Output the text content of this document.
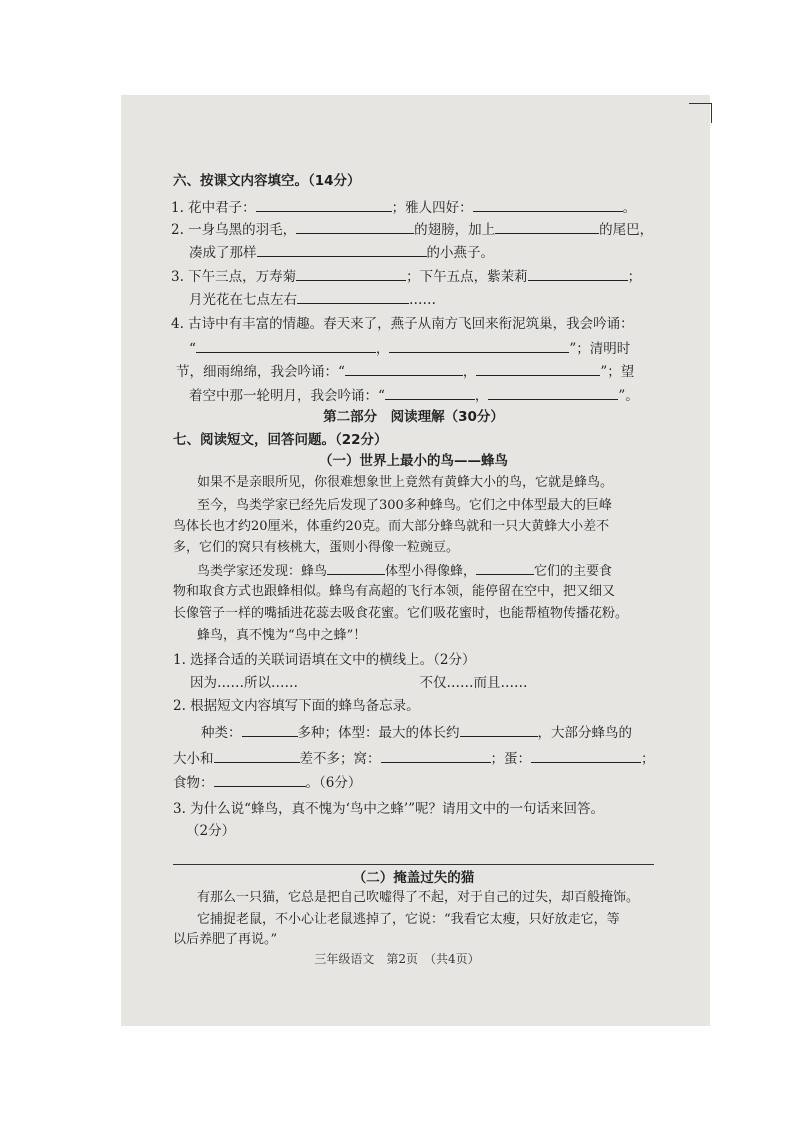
六、按课文内容填空。（14分）
1. 花中君子：	；雅人四好：	。
2. 一身乌黑的羽毛，	的翅膀，加上	的尾巴，
凑成了那样	的小燕子。
3. 下午三点，万寿菊	；下午五点，紫茉莉	；
月光花在七点左右	……
4. 古诗中有丰富的情趣。春天来了，燕子从南方飞回来衔泥筑巢，我会吟诵：
“	，	”；清明时
节，细雨绵绵，我会吟诵：“	，	”；望
着空中那一轮明月，我会吟诵：“	，	”。
第二部分　阅读理解（30分）
七、阅读短文，回答问题。（22分）
（一）世界上最小的鸟——蜂鸟
如果不是亲眼所见，你很难想象世上竟然有黄蜂大小的鸟，它就是蜂鸟。
至今，鸟类学家已经先后发现了300多种蜂鸟。它们之中体型最大的巨峰
鸟体长也才约20厘米，体重约20克。而大部分蜂鸟就和一只大黄蜂大小差不
多，它们的窝只有核桃大，蛋则小得像一粒豌豆。
鸟类学家还发现：蜂鸟	体型小得像蜂，	它们的主要食
物和取食方式也跟蜂相似。蜂鸟有高超的飞行本领，能停留在空中，把又细又
长像管子一样的嘴插进花蕊去吸食花蜜。它们吸花蜜时，也能帮植物传播花粉。
蜂鸟，真不愧为“鸟中之蜂”！
1. 选择合适的关联词语填在文中的横线上。（2分）
因为……所以……　　　　　　　　　不仅……而且……
2. 根据短文内容填写下面的蜂鸟备忘录。
种类：	多种；体型：最大的体长约	，大部分蜂鸟的
大小和	差不多；窝：	；蛋：	；
食物：	。（6分）
3. 为什么说“蜂鸟，真不愧为‘鸟中之蜂’”呢？请用文中的一句话来回答。
（2分）
（二）掩盖过失的猫
有那么一只猫，它总是把自己吹嘘得了不起，对于自己的过失，却百般掩饰。
它捕捉老鼠，不小心让老鼠逃掉了，它说：“我看它太瘦，只好放走它，等
以后养肥了再说。”
三年级语文　第2页　（共4页）
